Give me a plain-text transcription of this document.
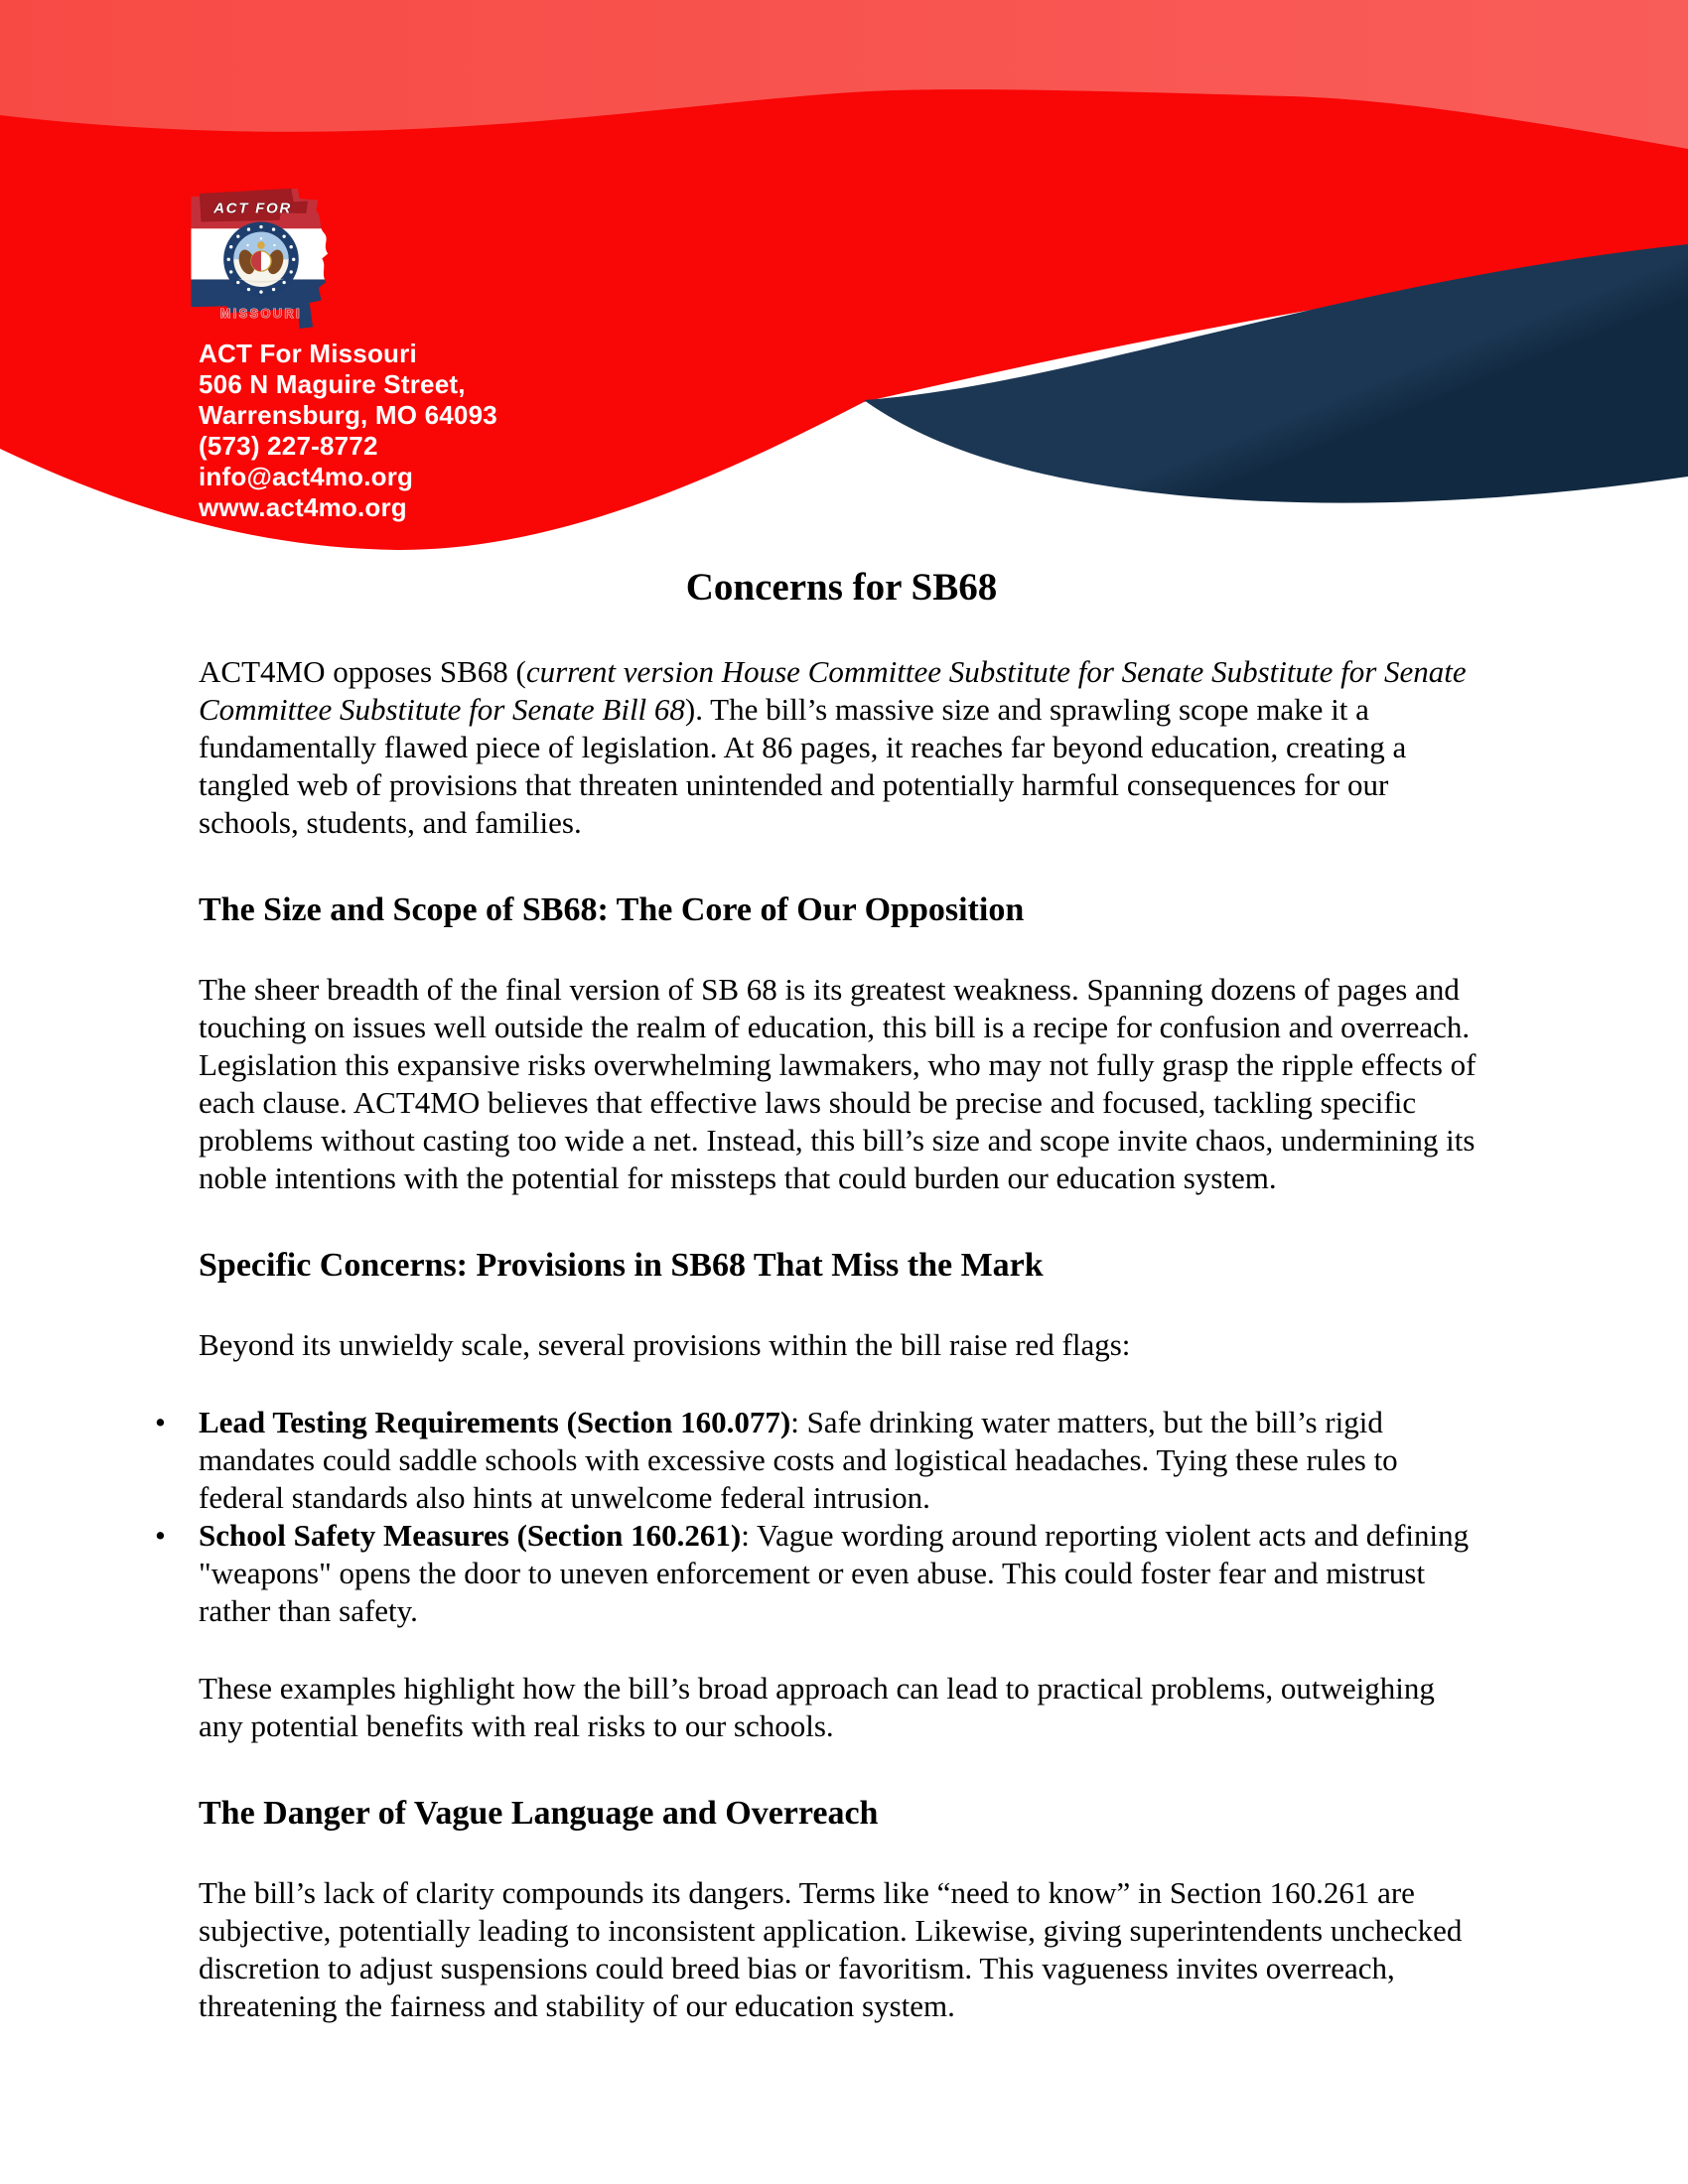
ACT FOR
MISSOURI
ACT For Missouri
506 N Maguire Street,
Warrensburg, MO 64093
(573) 227-8772
info@act4mo.org
www.act4mo.org
Concerns for SB68

ACT4MO opposes SB68 (current version House Committee Substitute for Senate Substitute for Senate Committee Substitute for Senate Bill 68). The bill’s massive size and sprawling scope make it a fundamentally flawed piece of legislation. At 86 pages, it reaches far beyond education, creating a tangled web of provisions that threaten unintended and potentially harmful consequences for our schools, students, and families.

The Size and Scope of SB68: The Core of Our Opposition

The sheer breadth of the final version of SB 68 is its greatest weakness. Spanning dozens of pages and touching on issues well outside the realm of education, this bill is a recipe for confusion and overreach. Legislation this expansive risks overwhelming lawmakers, who may not fully grasp the ripple effects of each clause. ACT4MO believes that effective laws should be precise and focused, tackling specific problems without casting too wide a net. Instead, this bill’s size and scope invite chaos, undermining its noble intentions with the potential for missteps that could burden our education system.

Specific Concerns: Provisions in SB68 That Miss the Mark

Beyond its unwieldy scale, several provisions within the bill raise red flags:

• Lead Testing Requirements (Section 160.077): Safe drinking water matters, but the bill’s rigid mandates could saddle schools with excessive costs and logistical headaches. Tying these rules to federal standards also hints at unwelcome federal intrusion.
• School Safety Measures (Section 160.261): Vague wording around reporting violent acts and defining "weapons" opens the door to uneven enforcement or even abuse. This could foster fear and mistrust rather than safety.

These examples highlight how the bill’s broad approach can lead to practical problems, outweighing any potential benefits with real risks to our schools.

The Danger of Vague Language and Overreach

The bill’s lack of clarity compounds its dangers. Terms like “need to know” in Section 160.261 are subjective, potentially leading to inconsistent application. Likewise, giving superintendents unchecked discretion to adjust suspensions could breed bias or favoritism. This vagueness invites overreach, threatening the fairness and stability of our education system.
